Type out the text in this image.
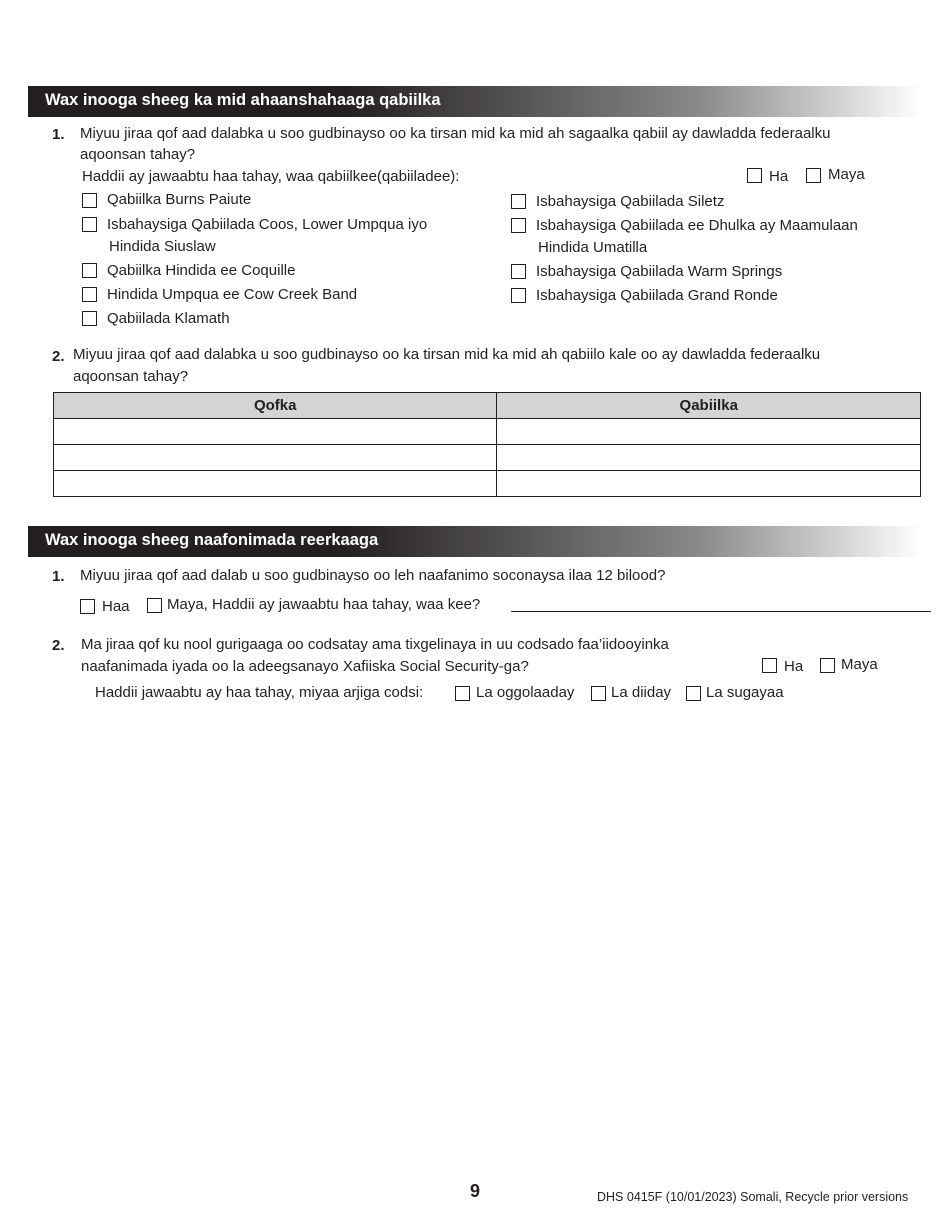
Wax inooga sheeg ka mid ahaanshahaaga qabiilka
1. Miyuu jiraa qof aad dalabka u soo gudbinayso oo ka tirsan mid ka mid ah sagaalka qabiil ay dawladda federaalku
aqoonsan tahay?
Haddii ay jawaabtu haa tahay, waa qabiilkee(qabiiladee):	Ha	Maya
Qabiilka Burns Paiute
Isbahaysiga Qabiilada Coos, Lower Umpqua iyo
Hindida Siuslaw
Qabiilka Hindida ee Coquille
Hindida Umpqua ee Cow Creek Band
Qabiilada Klamath
Isbahaysiga Qabiilada Siletz
Isbahaysiga Qabiilada ee Dhulka ay Maamulaan
Hindida Umatilla
Isbahaysiga Qabiilada Warm Springs
Isbahaysiga Qabiilada Grand Ronde
2. Miyuu jiraa qof aad dalabka u soo gudbinayso oo ka tirsan mid ka mid ah qabiilo kale oo ay dawladda federaalku
aqoonsan tahay?
Qofka	Qabiilka

Wax inooga sheeg naafonimada reerkaaga
1. Miyuu jiraa qof aad dalab u soo gudbinayso oo leh naafanimo soconaysa ilaa 12 bilood?
Haa Maya, Haddii ay jawaabtu haa tahay, waa kee?
2. Ma jiraa qof ku nool gurigaaga oo codsatay ama tixgelinaya in uu codsado faa’iidooyinka
naafanimada iyada oo la adeegsanayo Xafiiska Social Security-ga?	Ha	Maya
Haddii jawaabtu ay haa tahay, miyaa arjiga codsi:	La oggolaaday La diiday La sugayaa
9	DHS 0415F (10/01/2023) Somali, Recycle prior versions
